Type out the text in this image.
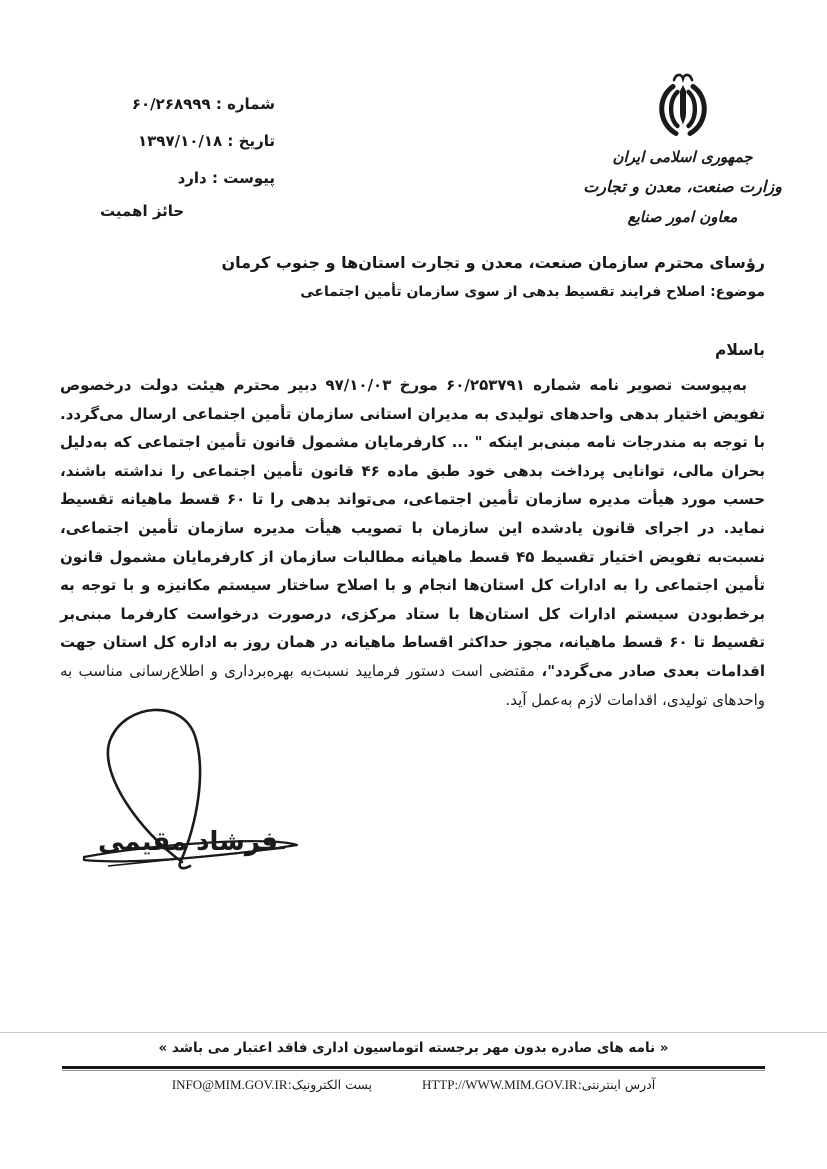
شماره : ۶۰/۲۶۸۹۹۹
تاریخ : ۱۳۹۷/۱۰/۱۸
پیوست : دارد
حائز اهمیت
جمهوری اسلامی ایران
وزارت صنعت، معدن و تجارت
معاون امور صنایع
رؤسای محترم سازمان صنعت، معدن و تجارت استان‌ها و جنوب کرمان
موضوع: اصلاح فرایند تقسیط بدهی از سوی سازمان تأمین اجتماعی
باسلام
به‌پیوست تصویر نامه شماره ۶۰/۲۵۳۷۹۱ مورخ ۹۷/۱۰/۰۳ دبیر محترم هیئت دولت درخصوص تفویض اختیار بدهی واحدهای تولیدی به مدیران استانی سازمان تأمین اجتماعی ارسال می‌گردد. با توجه به مندرجات نامه مبنی‌بر اینکه " ... کارفرمایان مشمول قانون تأمین اجتماعی که به‌دلیل بحران مالی، توانایی پرداخت بدهی خود طبق ماده ۴۶ قانون تأمین اجتماعی را نداشته باشند، حسب مورد هیأت مدیره سازمان تأمین اجتماعی، می‌تواند بدهی را تا ۶۰ قسط ماهیانه تقسیط نماید. در اجرای قانون یادشده این سازمان با تصویب هیأت مدیره سازمان تأمین اجتماعی، نسبت‌به تفویض اختیار تقسیط ۴۵ قسط ماهیانه مطالبات سازمان از کارفرمایان مشمول قانون تأمین اجتماعی را به ادارات کل استان‌ها انجام و با اصلاح ساختار سیستم مکانیزه و با توجه به برخط‌بودن سیستم ادارات کل استان‌ها با ستاد مرکزی، درصورت درخواست کارفرما مبنی‌بر تقسیط تا ۶۰ قسط ماهیانه، مجوز حداکثر اقساط ماهیانه در همان روز به اداره کل استان جهت اقدامات بعدی صادر می‌گردد"، مقتضی است دستور فرمایید نسبت‌به بهره‌برداری و اطلاع‌رسانی مناسب به واحدهای تولیدی، اقدامات لازم به‌عمل آید.
فرشاد مقیمی
« نامه های صادره بدون مهر برجسته اتوماسیون اداری فاقد اعتبار می باشد »
آدرس اینترنتی:HTTP://WWW.MIM.GOV.IR  پست الکترونیک:INFO@MIM.GOV.IR
